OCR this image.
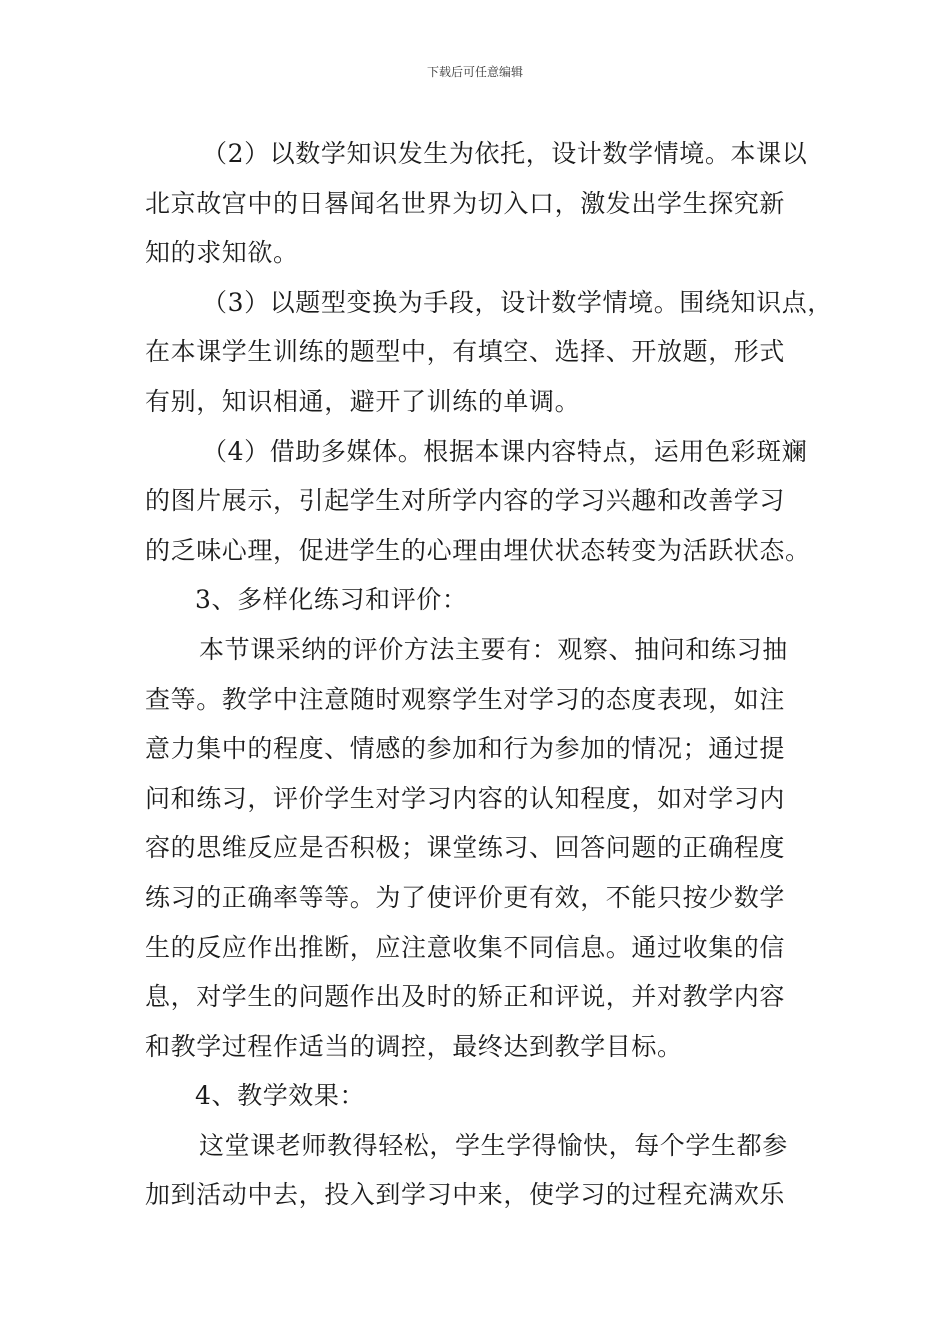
下载后可任意编辑
（2）以数学知识发生为依托，设计数学情境。本课以
北京故宫中的日晷闻名世界为切入口，激发出学生探究新
知的求知欲。
（3）以题型变换为手段，设计数学情境。围绕知识点，
在本课学生训练的题型中，有填空、选择、开放题，形式
有别，知识相通，避开了训练的单调。
（4）借助多媒体。根据本课内容特点，运用色彩斑斓
的图片展示，引起学生对所学内容的学习兴趣和改善学习
的乏味心理，促进学生的心理由埋伏状态转变为活跃状态。
3、多样化练习和评价：
本节课采纳的评价方法主要有：观察、抽问和练习抽
查等。教学中注意随时观察学生对学习的态度表现，如注
意力集中的程度、情感的参加和行为参加的情况；通过提
问和练习，评价学生对学习内容的认知程度，如对学习内
容的思维反应是否积极；课堂练习、回答问题的正确程度
练习的正确率等等。为了使评价更有效，不能只按少数学
生的反应作出推断，应注意收集不同信息。通过收集的信
息，对学生的问题作出及时的矫正和评说，并对教学内容
和教学过程作适当的调控，最终达到教学目标。
4、教学效果：
这堂课老师教得轻松，学生学得愉快，每个学生都参
加到活动中去，投入到学习中来，使学习的过程充满欢乐
